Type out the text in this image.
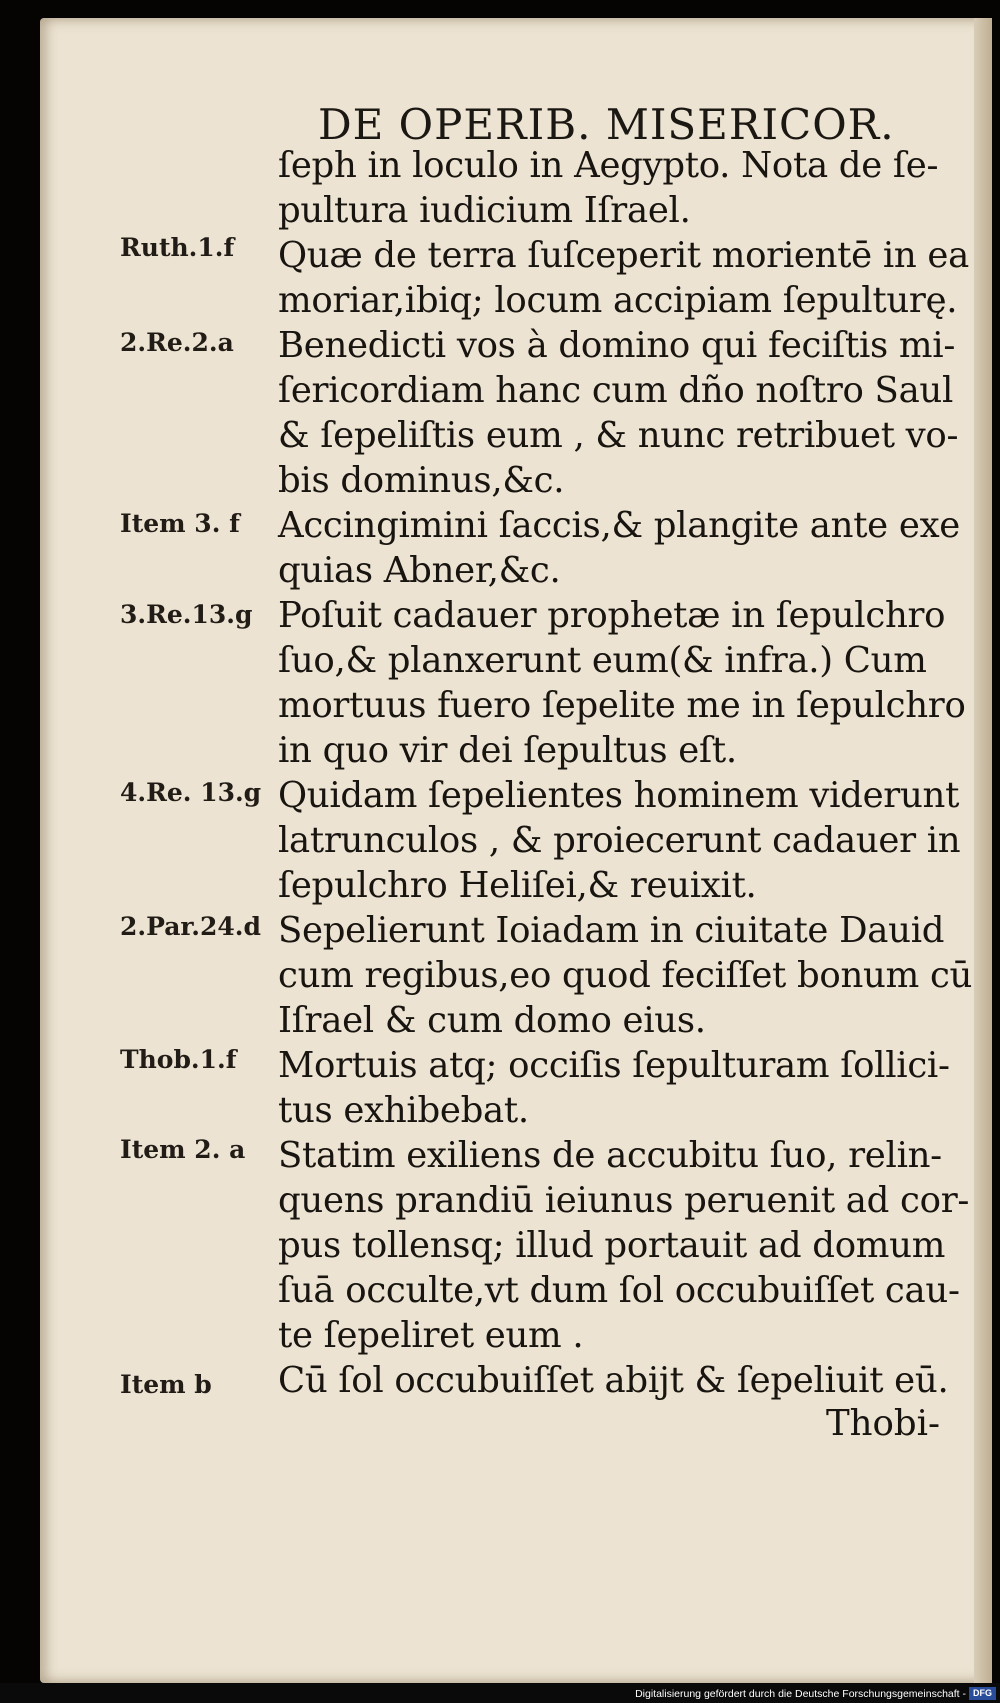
DE OPERIB. MISERICOR.
Ruth.1.f
2.Re.2.a
Item 3. f
3.Re.13.g
4.Re. 13.g
2.Par.24.d
Thob.1.f
Item 2. a
Item b
ſeph in loculo in Aegypto. Nota de ſe-
pultura iudicium Iſrael.
Quæ de terra ſuſceperit morientē in ea
moriar,ibiq; locum accipiam ſepulturę.
Benedicti vos à domino qui feciſtis mi-
ſericordiam hanc cum dño noſtro Saul
& ſepeliſtis eum , & nunc retribuet vo-
bis dominus,&c.
Accingimini ſaccis,& plangite ante exe
quias Abner,&c.
Poſuit cadauer prophetæ in ſepulchro
ſuo,& planxerunt eum(& infra.) Cum
mortuus fuero ſepelite me in ſepulchro
in quo vir dei ſepultus eſt.
Quidam ſepelientes hominem viderunt
latrunculos , & proiecerunt cadauer in
ſepulchro Heliſei,& reuixit.
Sepelierunt Ioiadam in ciuitate Dauid
cum regibus,eo quod feciſſet bonum cū
Iſrael & cum domo eius.
Mortuis atq; occiſis ſepulturam ſollici-
tus exhibebat.
Statim exiliens de accubitu ſuo, relin-
quens prandiū ieiunus peruenit ad cor-
pus tollensq; illud portauit ad domum
ſuā occulte,vt dum ſol occubuiſſet cau-
te ſepeliret eum .
Cū ſol occubuiſſet abijt & ſepeliuit eū.
Thobi-
Digitalisierung gefördert durch die Deutsche Forschungsgemeinschaft - DFG
